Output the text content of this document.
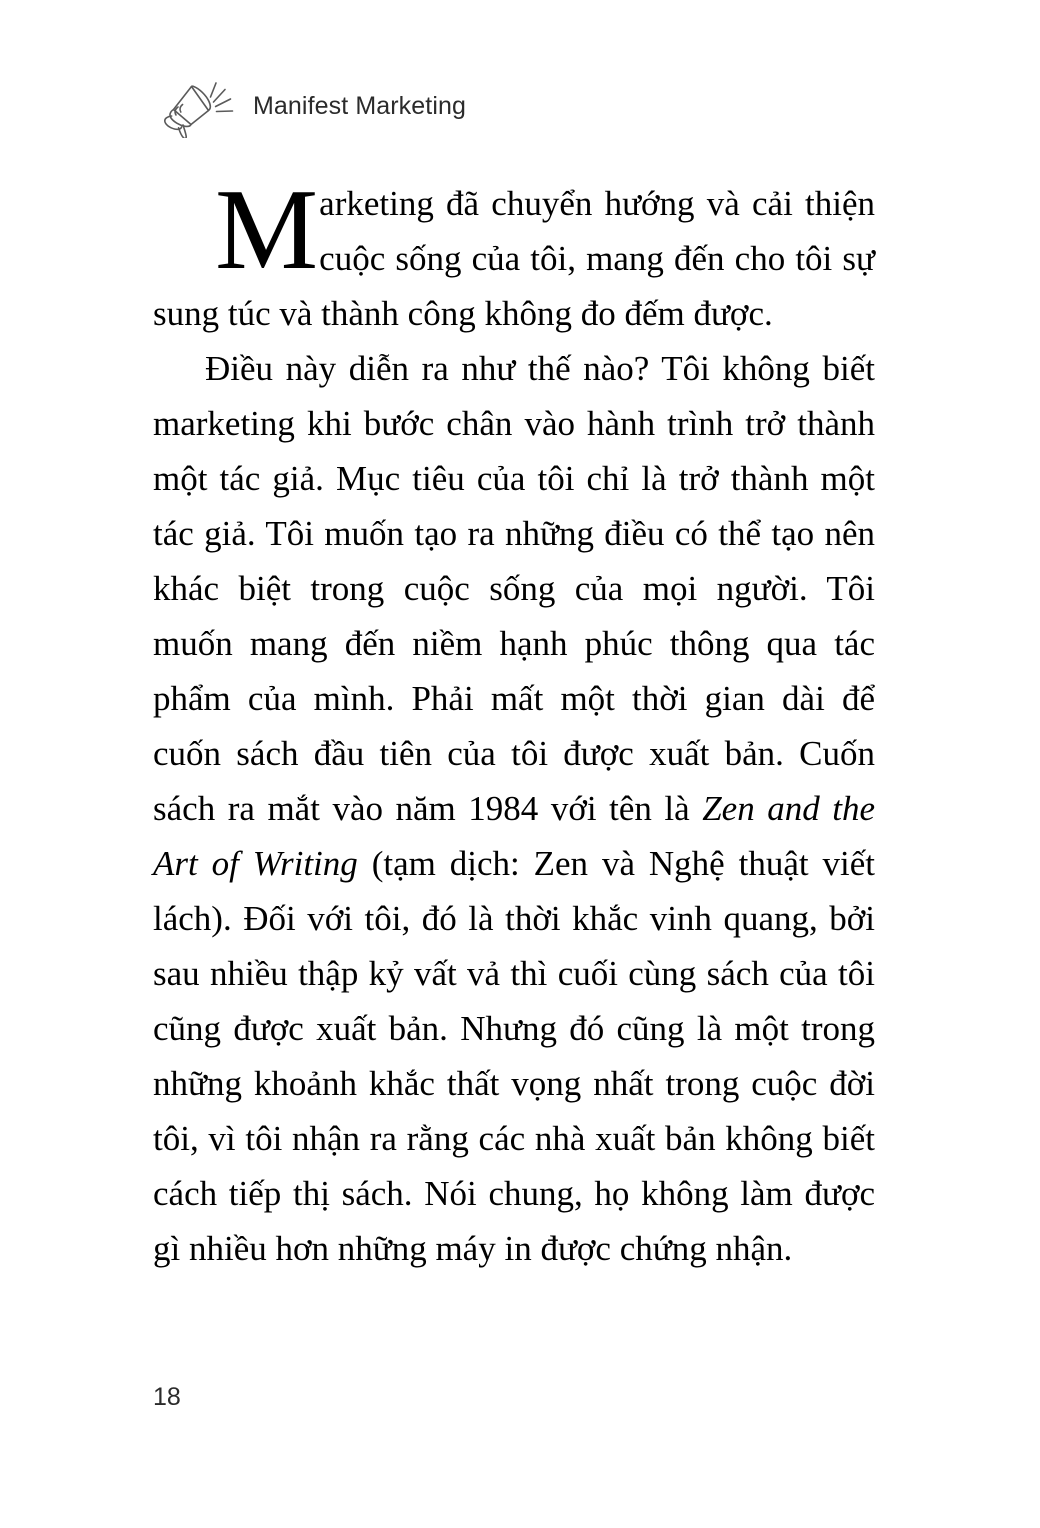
Manifest Marketing

Marketing đã chuyển hướng và cải thiện cuộc sống của tôi, mang đến cho tôi sự sung túc và thành công không đo đếm được.

Điều này diễn ra như thế nào? Tôi không biết marketing khi bước chân vào hành trình trở thành một tác giả. Mục tiêu của tôi chỉ là trở thành một tác giả. Tôi muốn tạo ra những điều có thể tạo nên khác biệt trong cuộc sống của mọi người. Tôi muốn mang đến niềm hạnh phúc thông qua tác phẩm của mình. Phải mất một thời gian dài để cuốn sách đầu tiên của tôi được xuất bản. Cuốn sách ra mắt vào năm 1984 với tên là Zen and the Art of Writing (tạm dịch: Zen và Nghệ thuật viết lách). Đối với tôi, đó là thời khắc vinh quang, bởi sau nhiều thập kỷ vất vả thì cuối cùng sách của tôi cũng được xuất bản. Nhưng đó cũng là một trong những khoảnh khắc thất vọng nhất trong cuộc đời tôi, vì tôi nhận ra rằng các nhà xuất bản không biết cách tiếp thị sách. Nói chung, họ không làm được gì nhiều hơn những máy in được chứng nhận.

18
